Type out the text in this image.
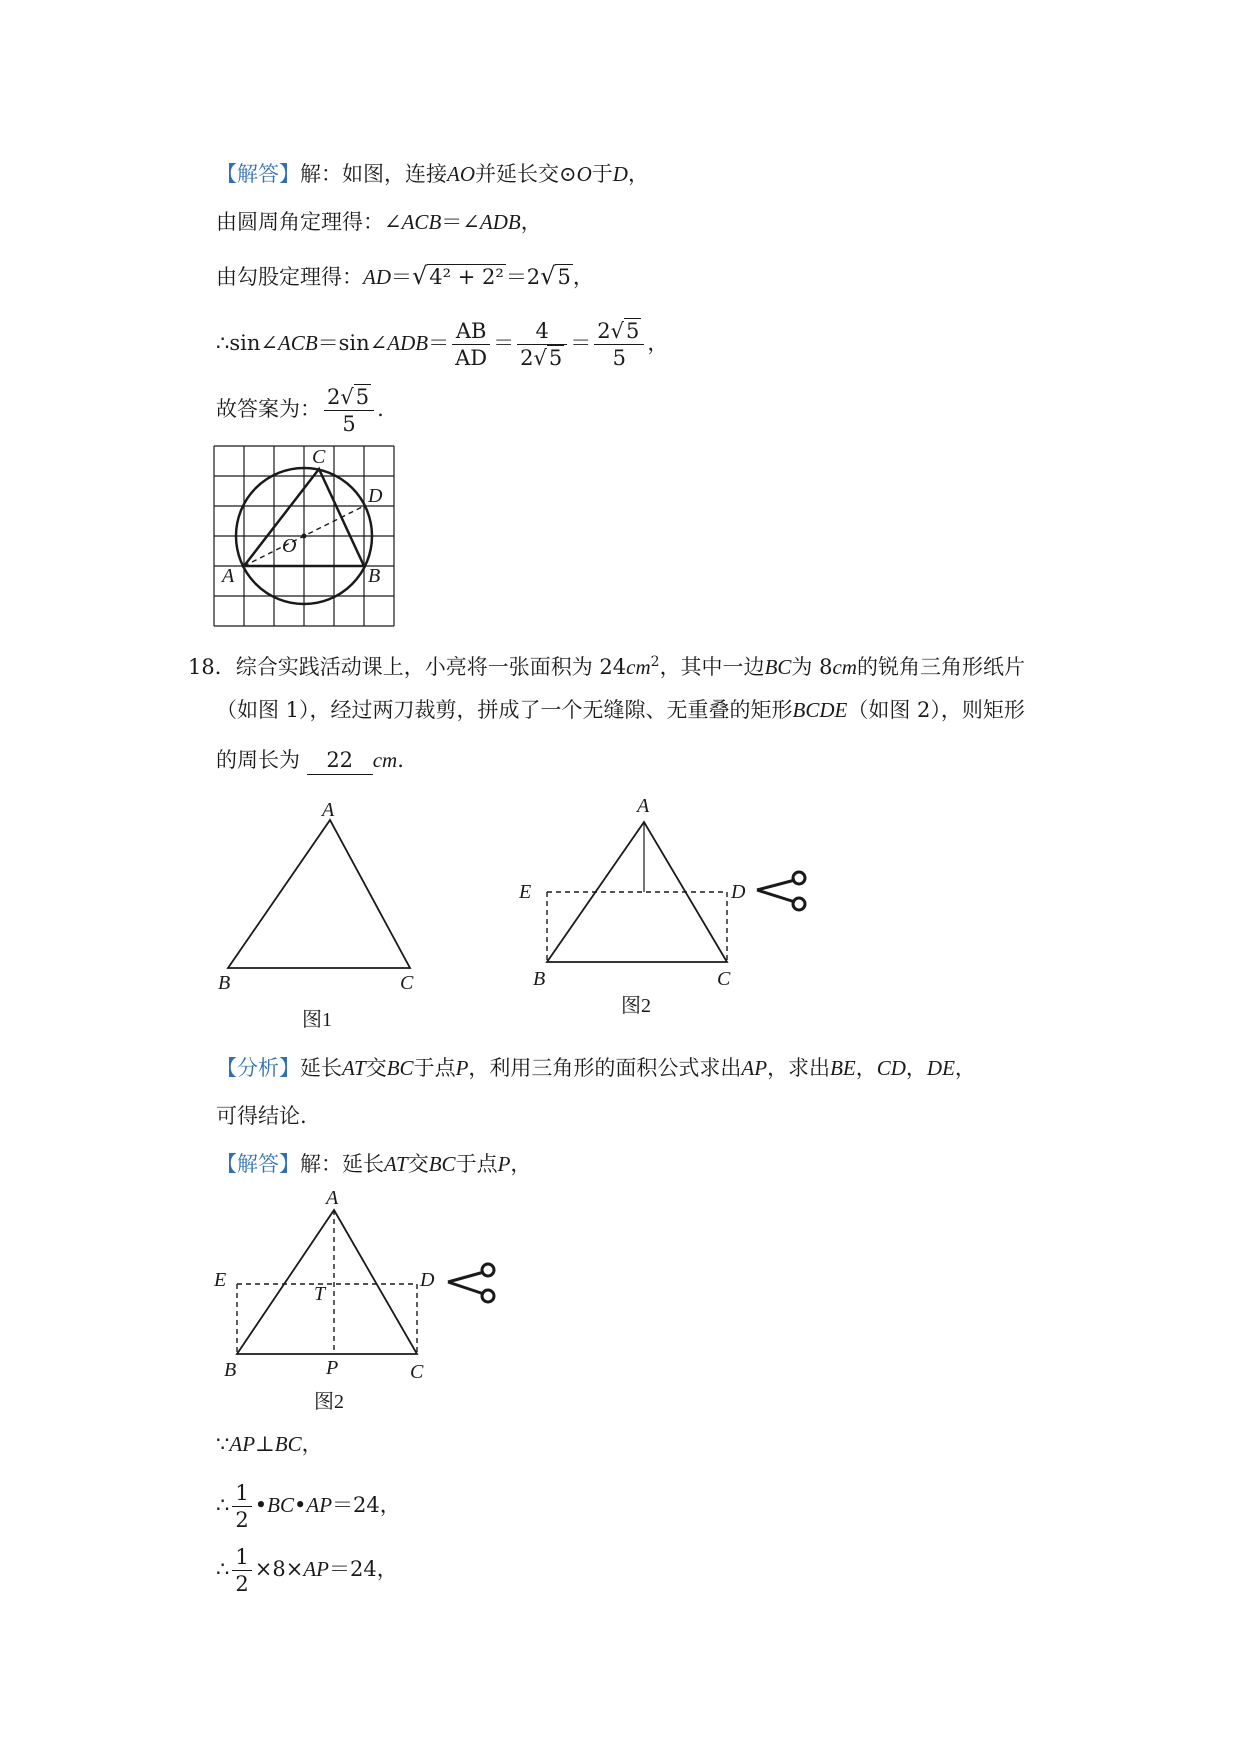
【解答】解：如图，连接AO并延长交⊙O于D，
由圆周角定理得：∠ACB＝∠ADB，
由勾股定理得：AD＝√4² + 2²＝2√5，
∴sin∠ACB＝sin∠ADB＝ $\frac{AB}{AD} = \frac{4}{2√5} = \frac{2√5}{5}$ ，
故答案为： $\frac{2√5}{5}$ .
A	B
C
D
O
18．综合实践活动课上，小亮将一张面积为 $24cm^2$，其中一边BC为 8cm的锐角三角形纸片
（如图 1），经过两刀裁剪，拼成了一个无缝隙、无重叠的矩形BCDE（如图 2），则矩形
的周长为 22 cm.
A
B	C
图1
A
E	D
B	C
图2
【分析】延长AT交BC于点P，利用三角形的面积公式求出AP，求出BE，CD，DE，
可得结论.
【解答】解：延长AT交BC于点P，
A
E	D
T
B	P	C
图2
∵AP⊥BC，
∴ $\frac{1}{2}$ •BC•AP＝24，
∴ $\frac{1}{2} \times 8\times AP=24$，
